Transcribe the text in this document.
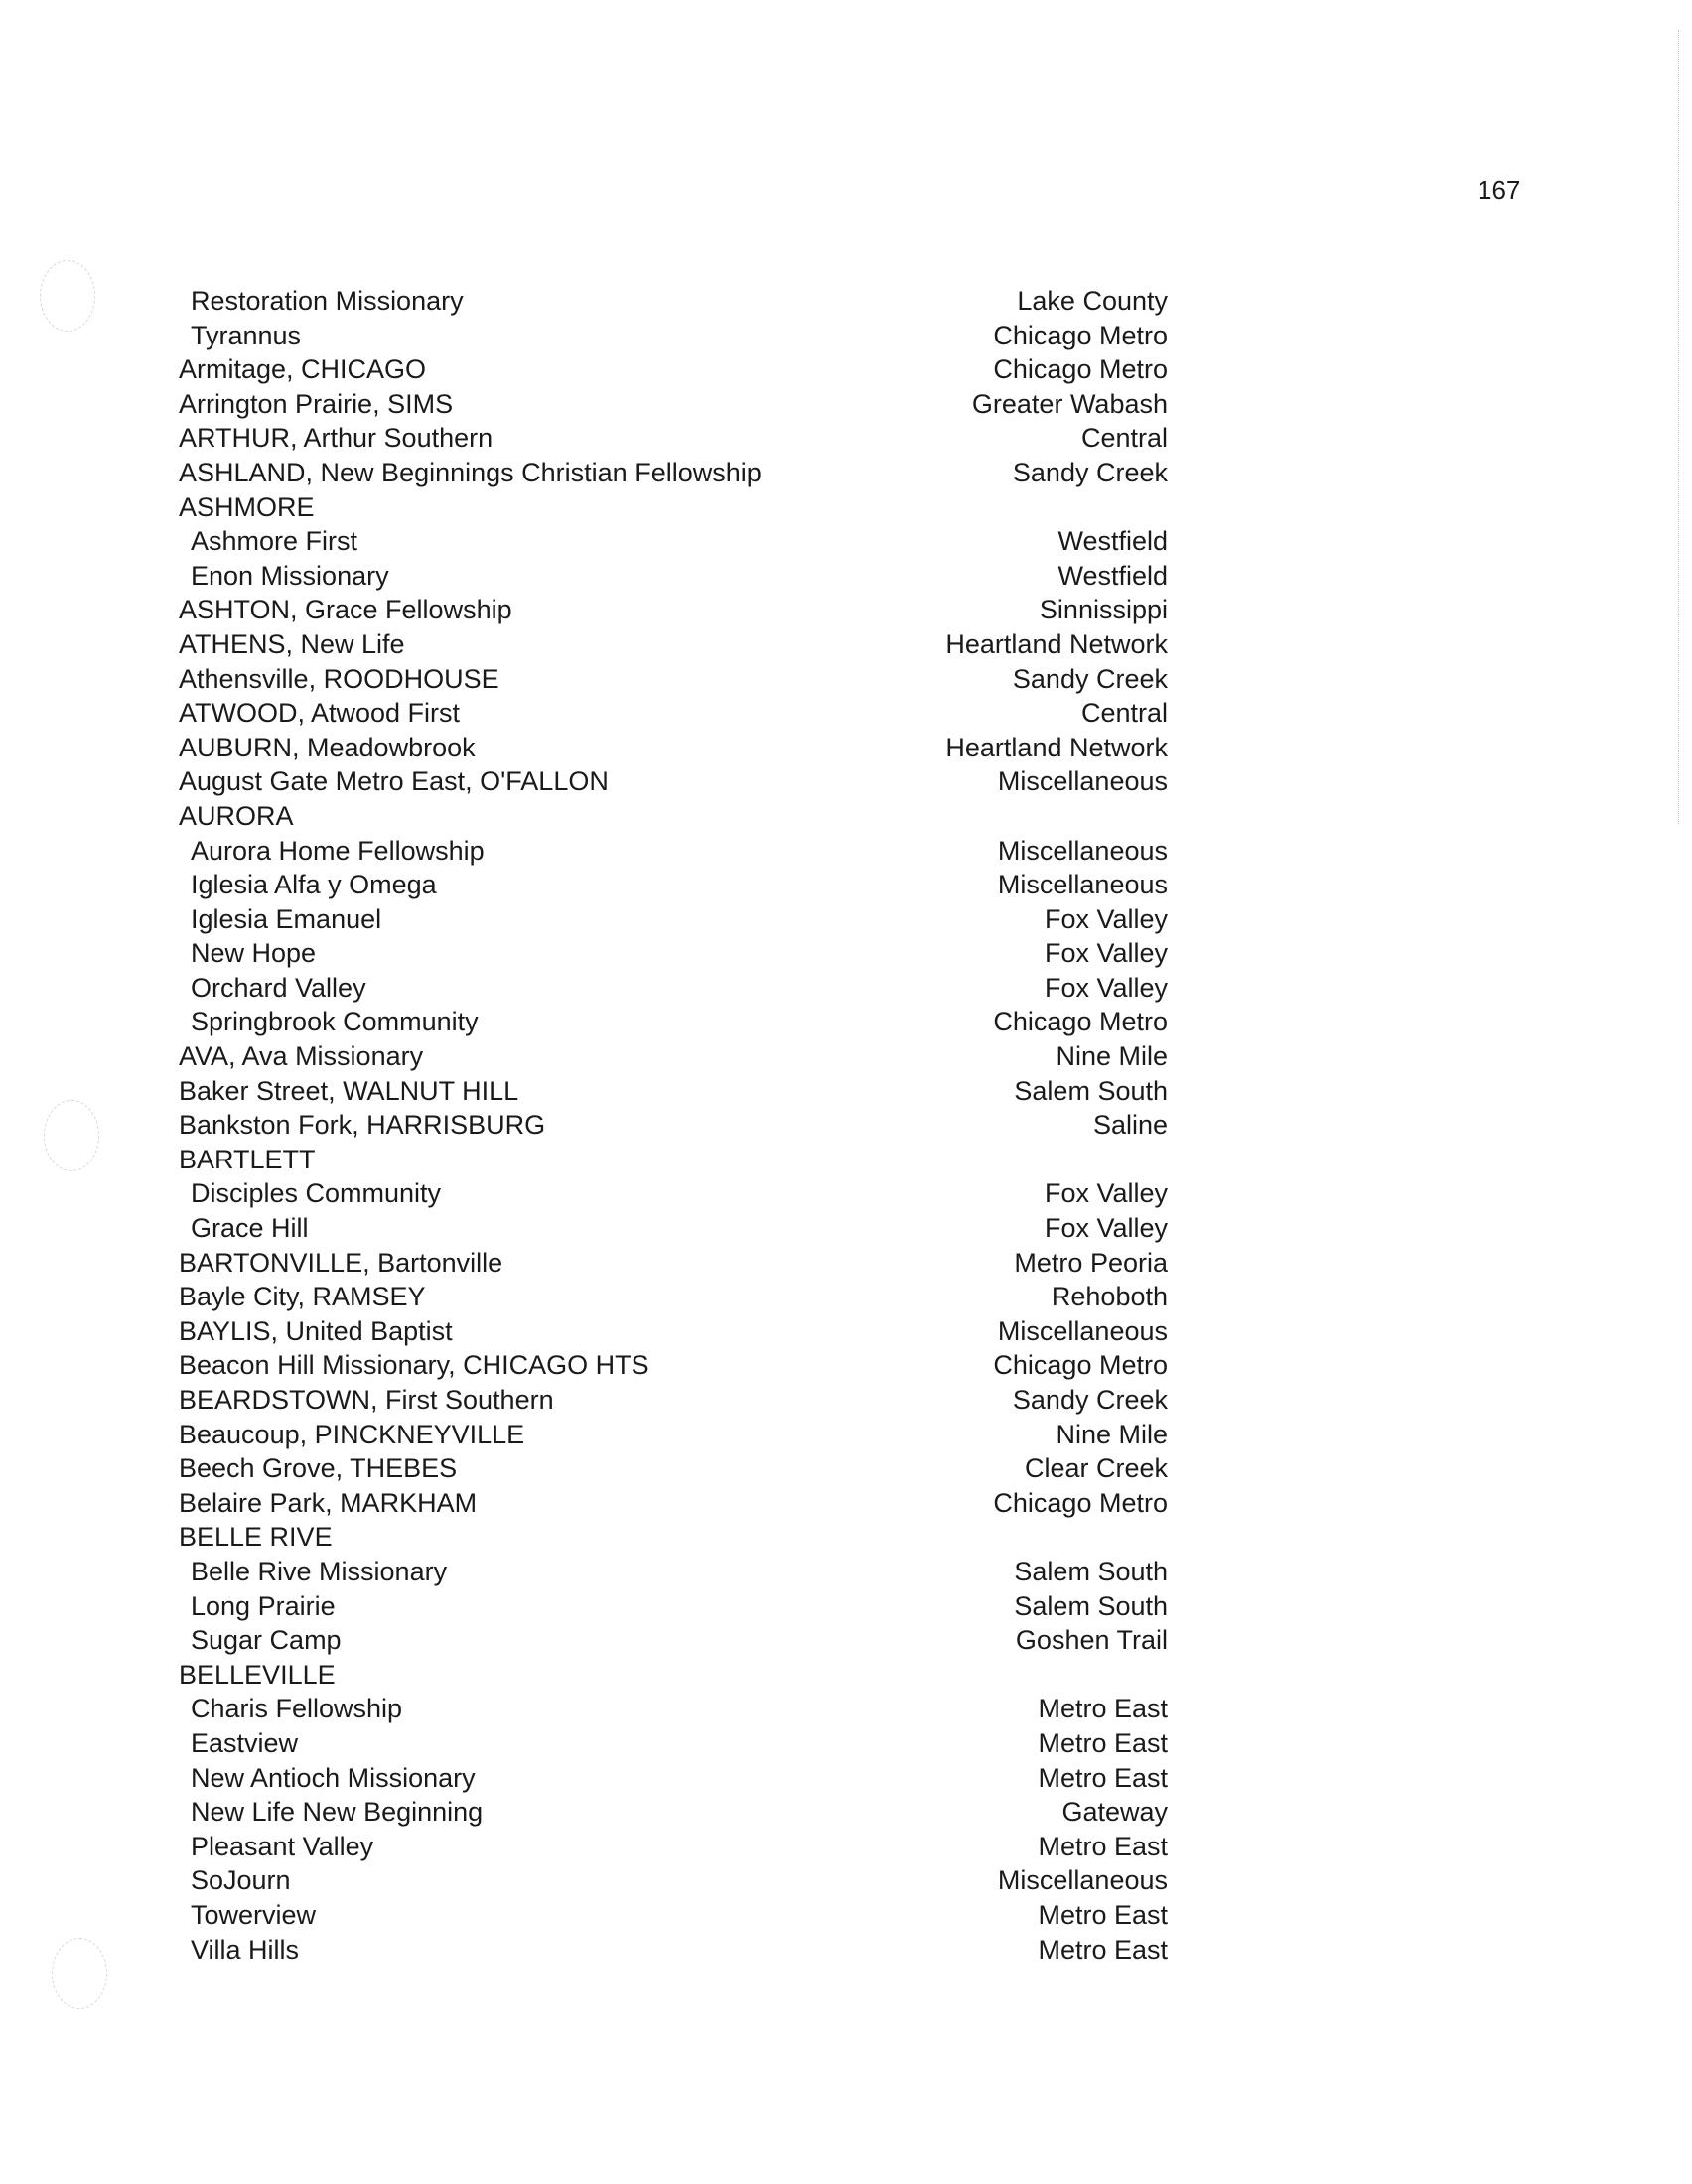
167
Restoration Missionary	Lake County
Tyrannus	Chicago Metro
Armitage, CHICAGO	Chicago Metro
Arrington Prairie, SIMS	Greater Wabash
ARTHUR, Arthur Southern	Central
ASHLAND, New Beginnings Christian Fellowship	Sandy Creek
ASHMORE
Ashmore First	Westfield
Enon Missionary	Westfield
ASHTON, Grace Fellowship	Sinnissippi
ATHENS, New Life	Heartland Network
Athensville, ROODHOUSE	Sandy Creek
ATWOOD, Atwood First	Central
AUBURN, Meadowbrook	Heartland Network
August Gate Metro East, O'FALLON	Miscellaneous
AURORA
Aurora Home Fellowship	Miscellaneous
Iglesia Alfa y Omega	Miscellaneous
Iglesia Emanuel	Fox Valley
New Hope	Fox Valley
Orchard Valley	Fox Valley
Springbrook Community	Chicago Metro
AVA, Ava Missionary	Nine Mile
Baker Street, WALNUT HILL	Salem South
Bankston Fork, HARRISBURG	Saline
BARTLETT
Disciples Community	Fox Valley
Grace Hill	Fox Valley
BARTONVILLE, Bartonville	Metro Peoria
Bayle City, RAMSEY	Rehoboth
BAYLIS, United Baptist	Miscellaneous
Beacon Hill Missionary, CHICAGO HTS	Chicago Metro
BEARDSTOWN, First Southern	Sandy Creek
Beaucoup, PINCKNEYVILLE	Nine Mile
Beech Grove, THEBES	Clear Creek
Belaire Park, MARKHAM	Chicago Metro
BELLE RIVE
Belle Rive Missionary	Salem South
Long Prairie	Salem South
Sugar Camp	Goshen Trail
BELLEVILLE
Charis Fellowship	Metro East
Eastview	Metro East
New Antioch Missionary	Metro East
New Life New Beginning	Gateway
Pleasant Valley	Metro East
SoJourn	Miscellaneous
Towerview	Metro East
Villa Hills	Metro East
